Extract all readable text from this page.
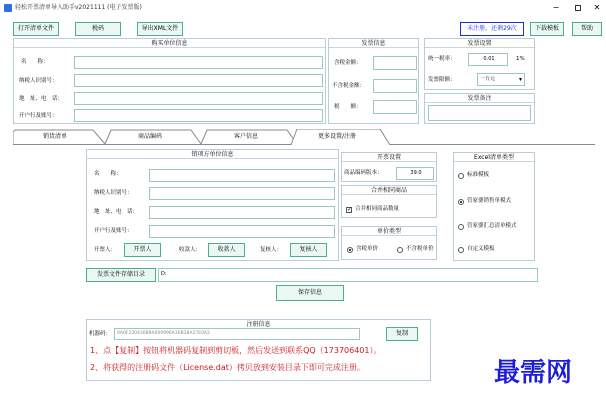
轻松开票清单导入助手v2021111 (电子发票版)	−	✕
打开清单文件	税码	导出XML文件	未注册，还剩29次	下载模板	帮助
购买单位信息
名　　称：
纳税人识别号：
地　址、电　话：
开户行及账号：
发票信息
含税金额：
不含税金额：
税　　额：
发票设置
统一税率：	0.01	1%
发票限额：	一万元	▾
发票备注
销货清单	商品编码	客户信息	更多设置/注册
销项方单位信息
名　　称：
纳税人识别号：
地　址、电　话：
开户行及账号：
开票人：	开票人	收款人：	收款人	复核人：	复核人
开票设置
商品编码版本：	39.0
合并相同商品
✓ 合并相同商品数量
单价类型
含税单价	不含税单价
Excel清单类型
标准模板
管家婆销售单模式
管家婆汇总清单模式
自定义模板
发票文件存储目录	D:
保存信息
注册信息
机器码：	0A0F230430B9A000996A30B38A27E0A2	复制
1、点【复制】按钮将机器码复制到剪切板，然后发送到联系QQ（173706401）。
2、将获得的注册码文件（License.dat）拷贝放到安装目录下即可完成注册。	最需网
